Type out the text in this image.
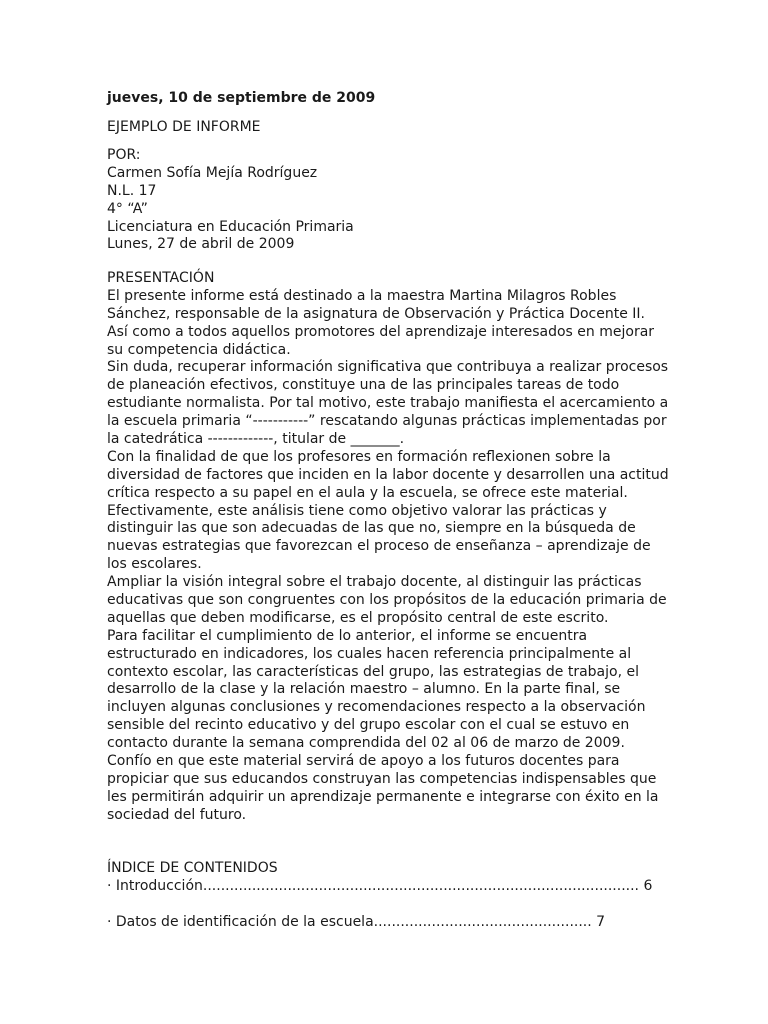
jueves, 10 de septiembre de 2009
EJEMPLO DE INFORME
POR:
Carmen Sofía Mejía Rodríguez
N.L. 17
4° “A”
Licenciatura en Educación Primaria
Lunes, 27 de abril de 2009
PRESENTACIÓN
El presente informe está destinado a la maestra Martina Milagros Robles
Sánchez, responsable de la asignatura de Observación y Práctica Docente II.
Así como a todos aquellos promotores del aprendizaje interesados en mejorar
su competencia didáctica.
Sin duda, recuperar información significativa que contribuya a realizar procesos
de planeación efectivos, constituye una de las principales tareas de todo
estudiante normalista. Por tal motivo, este trabajo manifiesta el acercamiento a
la escuela primaria “-----------” rescatando algunas prácticas implementadas por
la catedrática -------------, titular de _______.
Con la finalidad de que los profesores en formación reflexionen sobre la
diversidad de factores que inciden en la labor docente y desarrollen una actitud
crítica respecto a su papel en el aula y la escuela, se ofrece este material.
Efectivamente, este análisis tiene como objetivo valorar las prácticas y
distinguir las que son adecuadas de las que no, siempre en la búsqueda de
nuevas estrategias que favorezcan el proceso de enseñanza – aprendizaje de
los escolares.
Ampliar la visión integral sobre el trabajo docente, al distinguir las prácticas
educativas que son congruentes con los propósitos de la educación primaria de
aquellas que deben modificarse, es el propósito central de este escrito.
Para facilitar el cumplimiento de lo anterior, el informe se encuentra
estructurado en indicadores, los cuales hacen referencia principalmente al
contexto escolar, las características del grupo, las estrategias de trabajo, el
desarrollo de la clase y la relación maestro – alumno. En la parte final, se
incluyen algunas conclusiones y recomendaciones respecto a la observación
sensible del recinto educativo y del grupo escolar con el cual se estuvo en
contacto durante la semana comprendida del 02 al 06 de marzo de 2009.
Confío en que este material servirá de apoyo a los futuros docentes para
propiciar que sus educandos construyan las competencias indispensables que
les permitirán adquirir un aprendizaje permanente e integrarse con éxito en la
sociedad del futuro.
ÍNDICE DE CONTENIDOS
· Introducción.................................................................................................. 6
· Datos de identificación de la escuela................................................. 7
